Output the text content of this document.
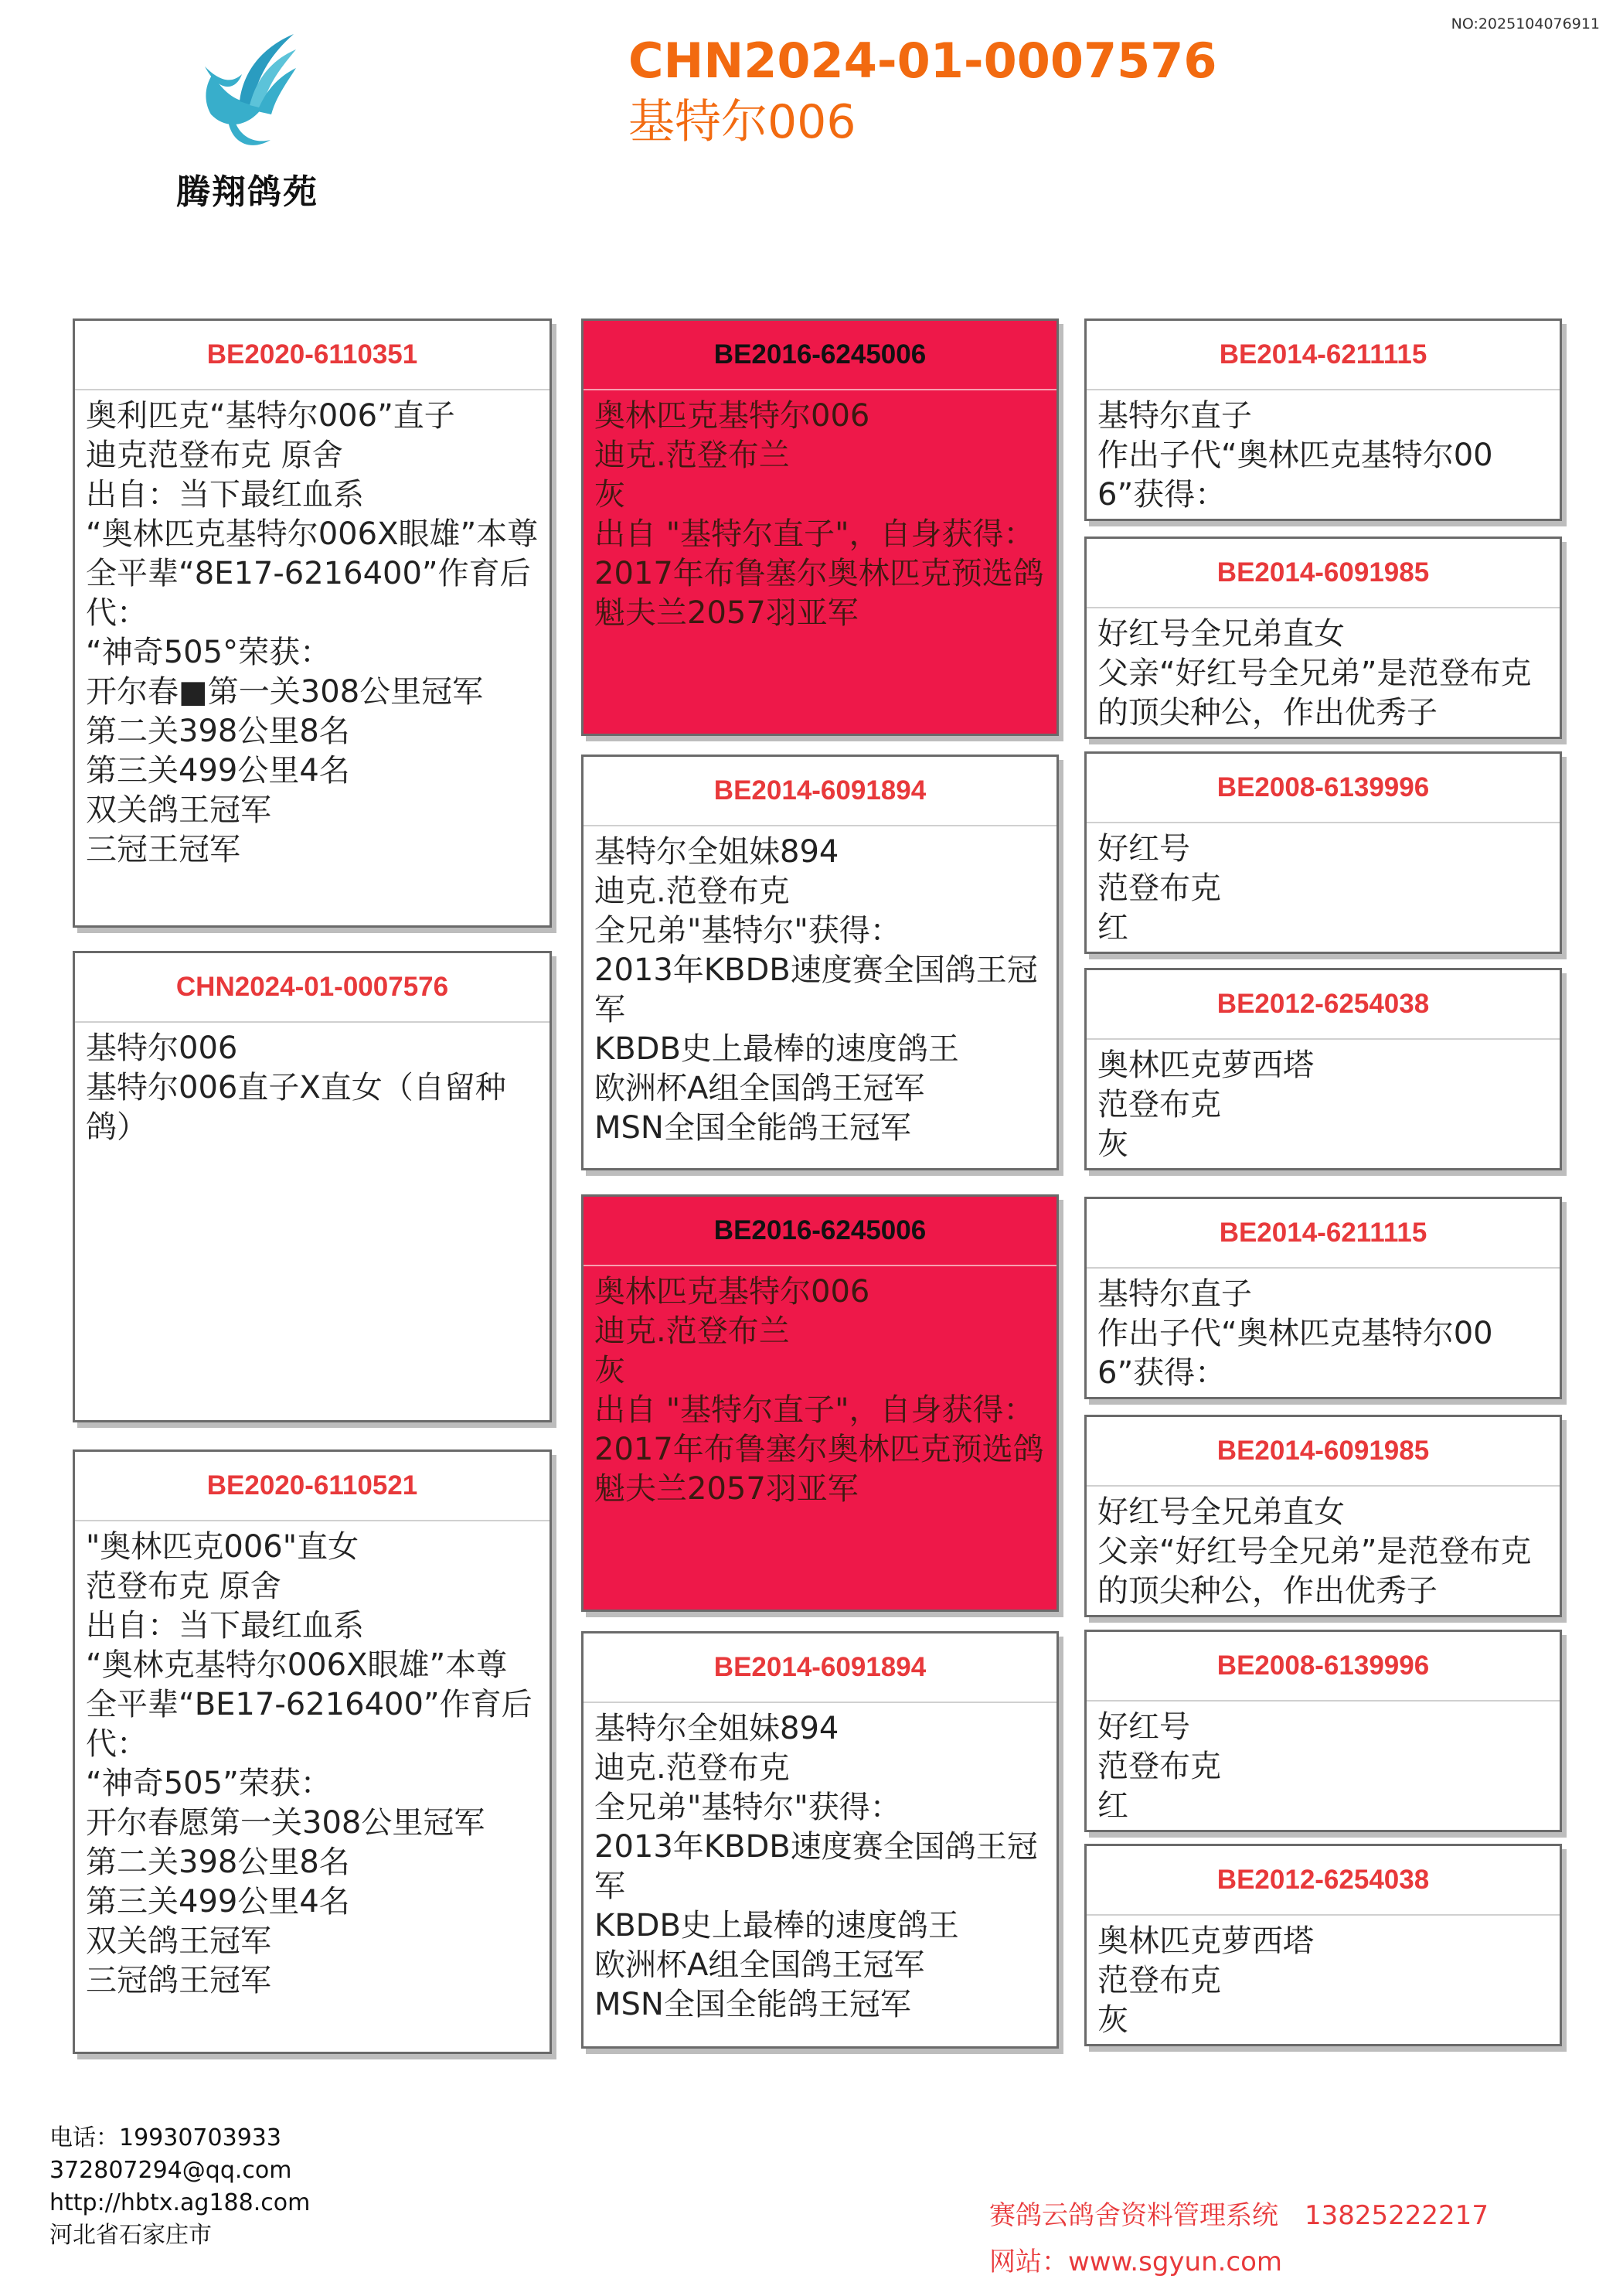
NO:2025104076911
腾翔鸽苑
CHN2024-01-0007576
基特尔006
BE2020-6110351
奥利匹克“基特尔006”直子
迪克范登布克 原舍
出自：当下最红血系
“奥林匹克基特尔006X眼雄”本尊
全平辈“8E17-6216400”作育后代：
“神奇505°荣获：
开尔春■第一关308公里冠军
第二关398公里8名
第三关499公里4名
双关鸽王冠军
三冠王冠军
CHN2024-01-0007576
基特尔006
基特尔006直子X直女（自留种鸽）
BE2020-6110521
"奥林匹克006"直女
范登布克 原舍
出自：当下最红血系
“奥林克基特尔006X眼雄”本尊
全平辈“BE17-6216400”作育后代：
“神奇505”荣获：
开尔春愿第一关308公里冠军
第二关398公里8名
第三关499公里4名
双关鸽王冠军
三冠鸽王冠军
BE2016-6245006
奥林匹克基特尔006
迪克.范登布兰
灰
出自 "基特尔直子"，自身获得：
2017年布鲁塞尔奥林匹克预选鸽
魁夫兰2057羽亚军
BE2014-6091894
基特尔全姐妹894
迪克.范登布克
全兄弟"基特尔"获得：
2013年KBDB速度赛全国鸽王冠军
KBDB史上最棒的速度鸽王
欧洲杯A组全国鸽王冠军
MSN全国全能鸽王冠军
BE2016-6245006
奥林匹克基特尔006
迪克.范登布兰
灰
出自 "基特尔直子"，自身获得：
2017年布鲁塞尔奥林匹克预选鸽
魁夫兰2057羽亚军
BE2014-6091894
基特尔全姐妹894
迪克.范登布克
全兄弟"基特尔"获得：
2013年KBDB速度赛全国鸽王冠军
KBDB史上最棒的速度鸽王
欧洲杯A组全国鸽王冠军
MSN全国全能鸽王冠军
BE2014-6211115
基特尔直子
作出子代“奥林匹克基特尔006”获得：
BE2014-6091985
好红号全兄弟直女
父亲“好红号全兄弟”是范登布克的顶尖种公，作出优秀子
BE2008-6139996
好红号
范登布克
红
BE2012-6254038
奥林匹克萝西塔
范登布克
灰
BE2014-6211115
基特尔直子
作出子代“奥林匹克基特尔006”获得：
BE2014-6091985
好红号全兄弟直女
父亲“好红号全兄弟”是范登布克的顶尖种公，作出优秀子
BE2008-6139996
好红号
范登布克
红
BE2012-6254038
奥林匹克萝西塔
范登布克
灰
电话：19930703933
372807294@qq.com
http://hbtx.ag188.com
河北省石家庄市
赛鸽云鸽舍资料管理系统　13825222217
网站：www.sgyun.com
